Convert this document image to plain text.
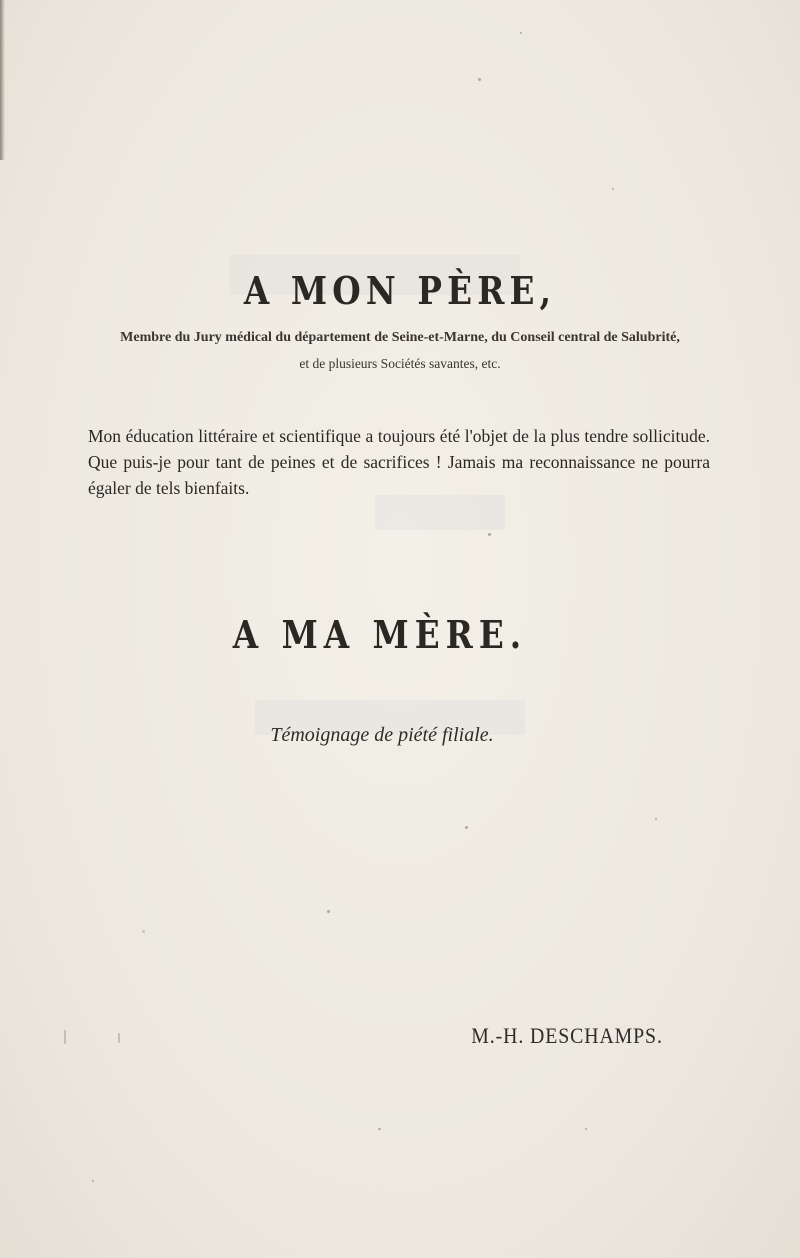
A MON PÈRE,
Membre du Jury médical du département de Seine-et-Marne, du Conseil central de Salubrité,
et de plusieurs Sociétés savantes, etc.

Mon éducation littéraire et scientifique a toujours été l'objet de la plus tendre sollicitude. Que puis-je pour tant de peines et de sacrifices ! Jamais ma reconnaissance ne pourra égaler de tels bienfaits.

A MA MÈRE.
Témoignage de piété filiale.
M.-H. DESCHAMPS.
